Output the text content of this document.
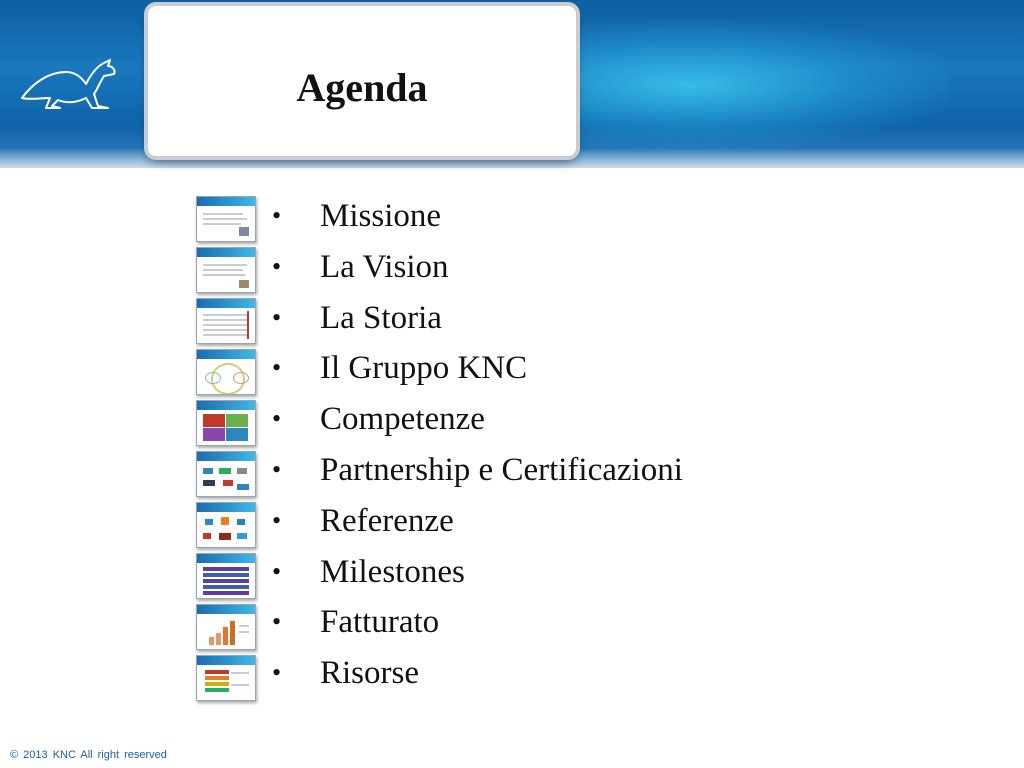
Agenda
• Missione
• La Vision
• La Storia
• Il Gruppo KNC
• Competenze
• Partnership e Certificazioni
• Referenze
• Milestones
• Fatturato
• Risorse
© 2013 KNC All right reserved
